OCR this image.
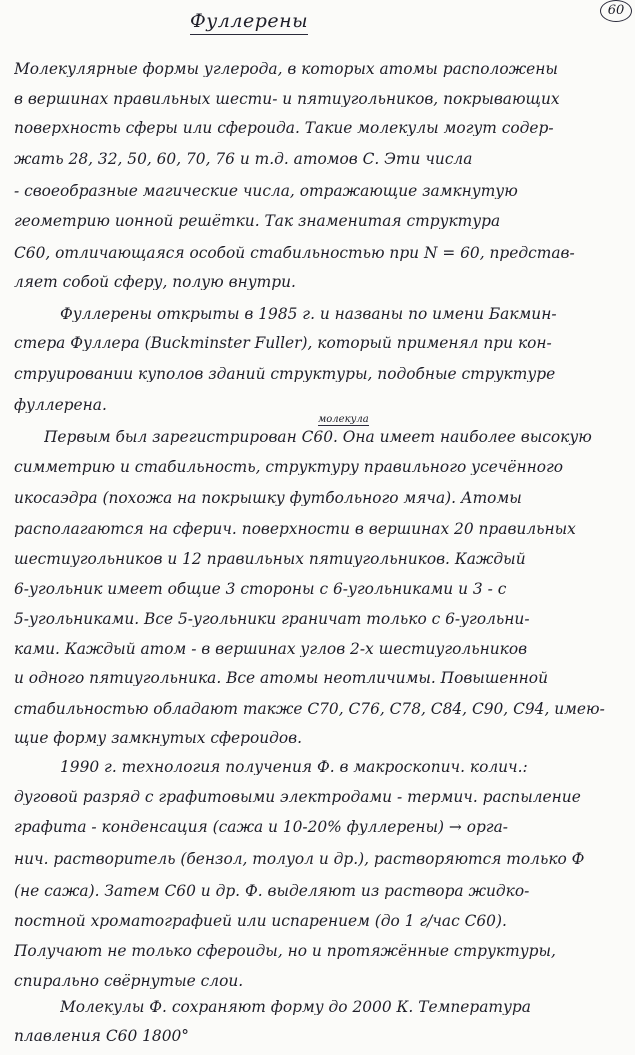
60
Фуллерены
молекула
Молекулярные формы углерода, в которых атомы расположены
в вершинах правильных шести- и пятиугольников, покрывающих
поверхность сферы или сфероида. Такие молекулы могут содер-
жать 28, 32, 50, 60, 70, 76 и т.д. атомов С. Эти числа
- своеобразные магические числа, отражающие замкнутую
геометрию ионной решётки. Так знаменитая структура
С60, отличающаяся особой стабильностью при N = 60, представ-
ляет собой сферу, полую внутри.
Фуллерены открыты в 1985 г. и названы по имени Бакмин-
стера Фуллера (Buckminster Fuller), который применял при кон-
струировании куполов зданий структуры, подобные структуре
фуллерена.
Первым был зарегистрирован С60. Она имеет наиболее высокую
симметрию и стабильность, структуру правильного усечённого
икосаэдра (похожа на покрышку футбольного мяча). Атомы
располагаются на сферич. поверхности в вершинах 20 правильных
шестиугольников и 12 правильных пятиугольников. Каждый
6-угольник имеет общие 3 стороны с 6-угольниками и 3 - с
5-угольниками. Все 5-угольники граничат только с 6-угольни-
ками. Каждый атом - в вершинах углов 2-х шестиугольников
и одного пятиугольника. Все атомы неотличимы. Повышенной
стабильностью обладают также С70, С76, С78, С84, С90, С94, имею-
щие форму замкнутых сфероидов.
1990 г. технология получения Ф. в макроскопич. колич.:
дуговой разряд с графитовыми электродами - термич. распыление
графита - конденсация (сажа и 10-20% фуллерены) → орга-
нич. растворитель (бензол, толуол и др.), растворяются только Ф
(не сажа). Затем С60 и др. Ф. выделяют из раствора жидко-
постной хроматографией или испарением (до 1 г/час С60).
Получают не только сфероиды, но и протяжённые структуры,
спирально свёрнутые слои.
Молекулы Ф. сохраняют форму до 2000 К. Температура
плавления С60 1800°
